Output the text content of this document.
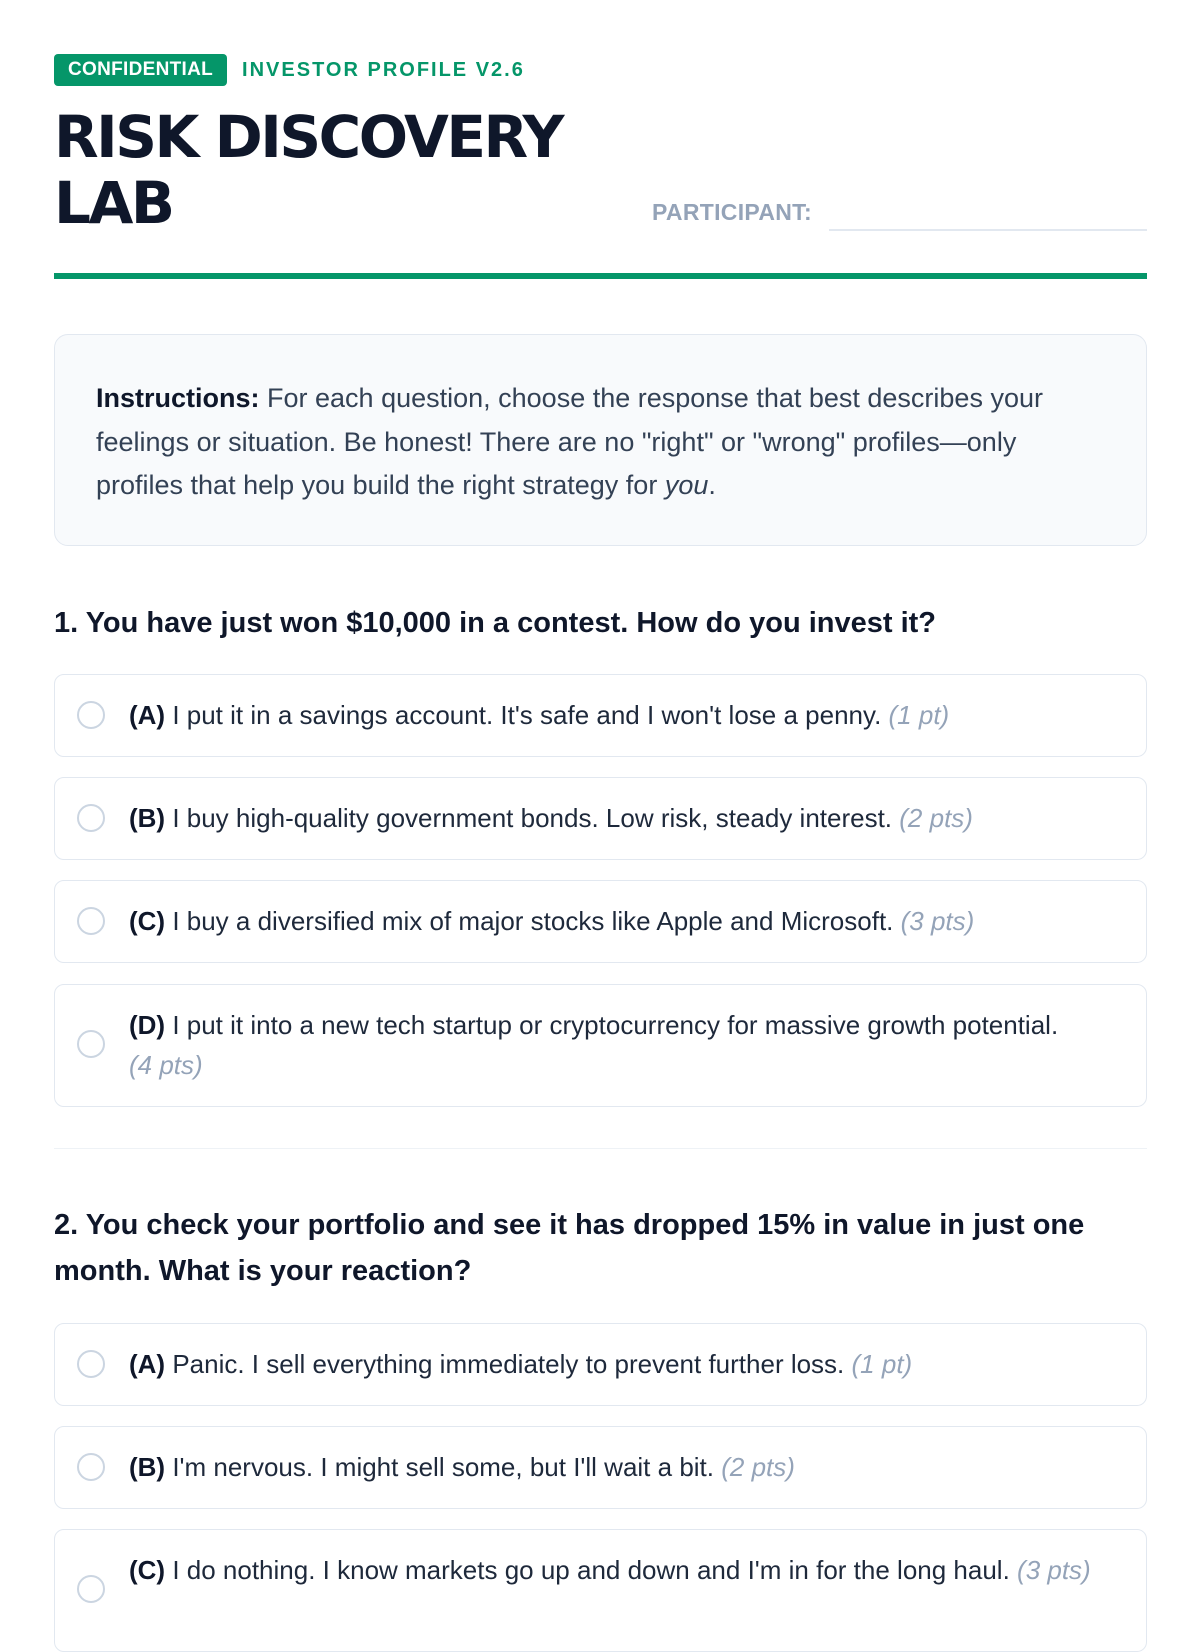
CONFIDENTIAL	INVESTOR PROFILE V2.6
RISK DISCOVERY LAB	PARTICIPANT:
Instructions: For each question, choose the response that best describes your feelings or situation. Be honest! There are no "right" or "wrong" profiles—only profiles that help you build the right strategy for you.
1. You have just won $10,000 in a contest. How do you invest it?
(A) I put it in a savings account. It's safe and I won't lose a penny. (1 pt)
(B) I buy high-quality government bonds. Low risk, steady interest. (2 pts)
(C) I buy a diversified mix of major stocks like Apple and Microsoft. (3 pts)
(D) I put it into a new tech startup or cryptocurrency for massive growth potential. (4 pts)
2. You check your portfolio and see it has dropped 15% in value in just one month. What is your reaction?
(A) Panic. I sell everything immediately to prevent further loss. (1 pt)
(B) I'm nervous. I might sell some, but I'll wait a bit. (2 pts)
(C) I do nothing. I know markets go up and down and I'm in for the long haul. (3 pts)
